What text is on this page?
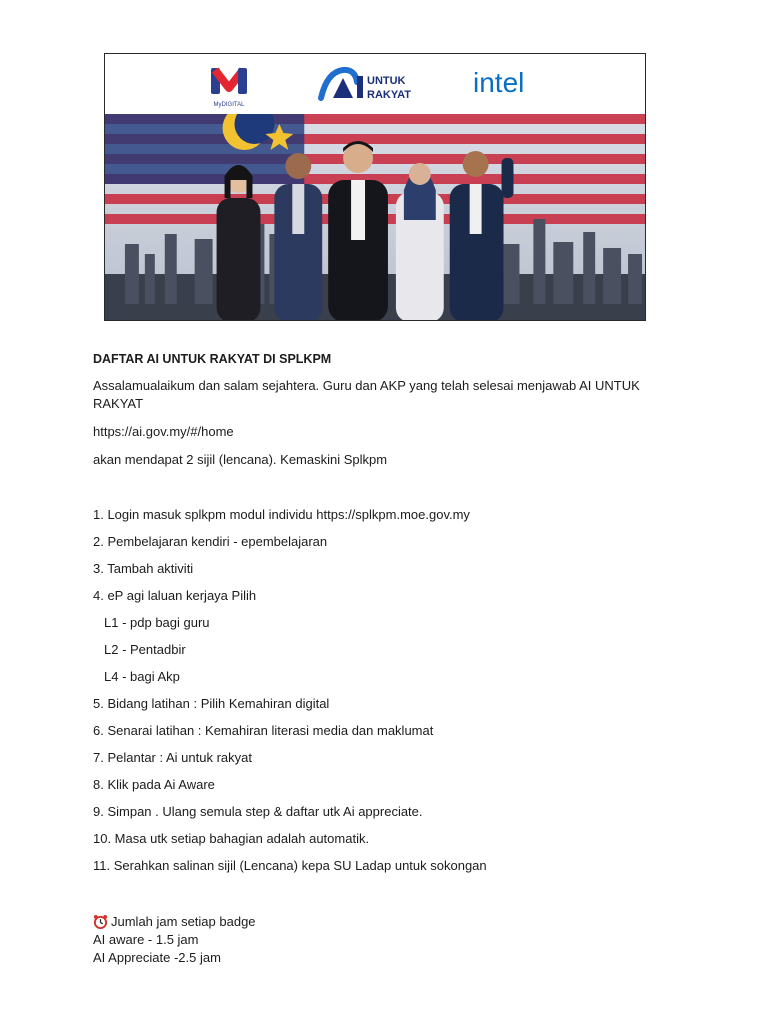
MyDIGITAL
UNTUK
RAKYAT intel

DAFTAR AI UNTUK RAKYAT DI SPLKPM

Assalamualaikum dan salam sejahtera. Guru dan AKP yang telah selesai menjawab AI UNTUK

RAKYAT

https://ai.gov.my/#/home

akan mendapat 2 sijil (lencana). Kemaskini Splkpm

1. Login masuk splkpm modul individu https://splkpm.moe.gov.my

2. Pembelajaran kendiri - epembelajaran

3. Tambah aktiviti

4. eP agi laluan kerjaya Pilih

L1 - pdp bagi guru

L2 - Pentadbir

L4 - bagi Akp

5. Bidang latihan : Pilih Kemahiran digital

6. Senarai latihan : Kemahiran literasi media dan maklumat

7. Pelantar : Ai untuk rakyat

8. Klik pada Ai Aware

9. Simpan . Ulang semula step & daftar utk Ai appreciate.

10. Masa utk setiap bahagian adalah automatik.

11. Serahkan salinan sijil (Lencana) kepa SU Ladap untuk sokongan

Jumlah jam setiap badge

AI aware - 1.5 jam

AI Appreciate -2.5 jam
